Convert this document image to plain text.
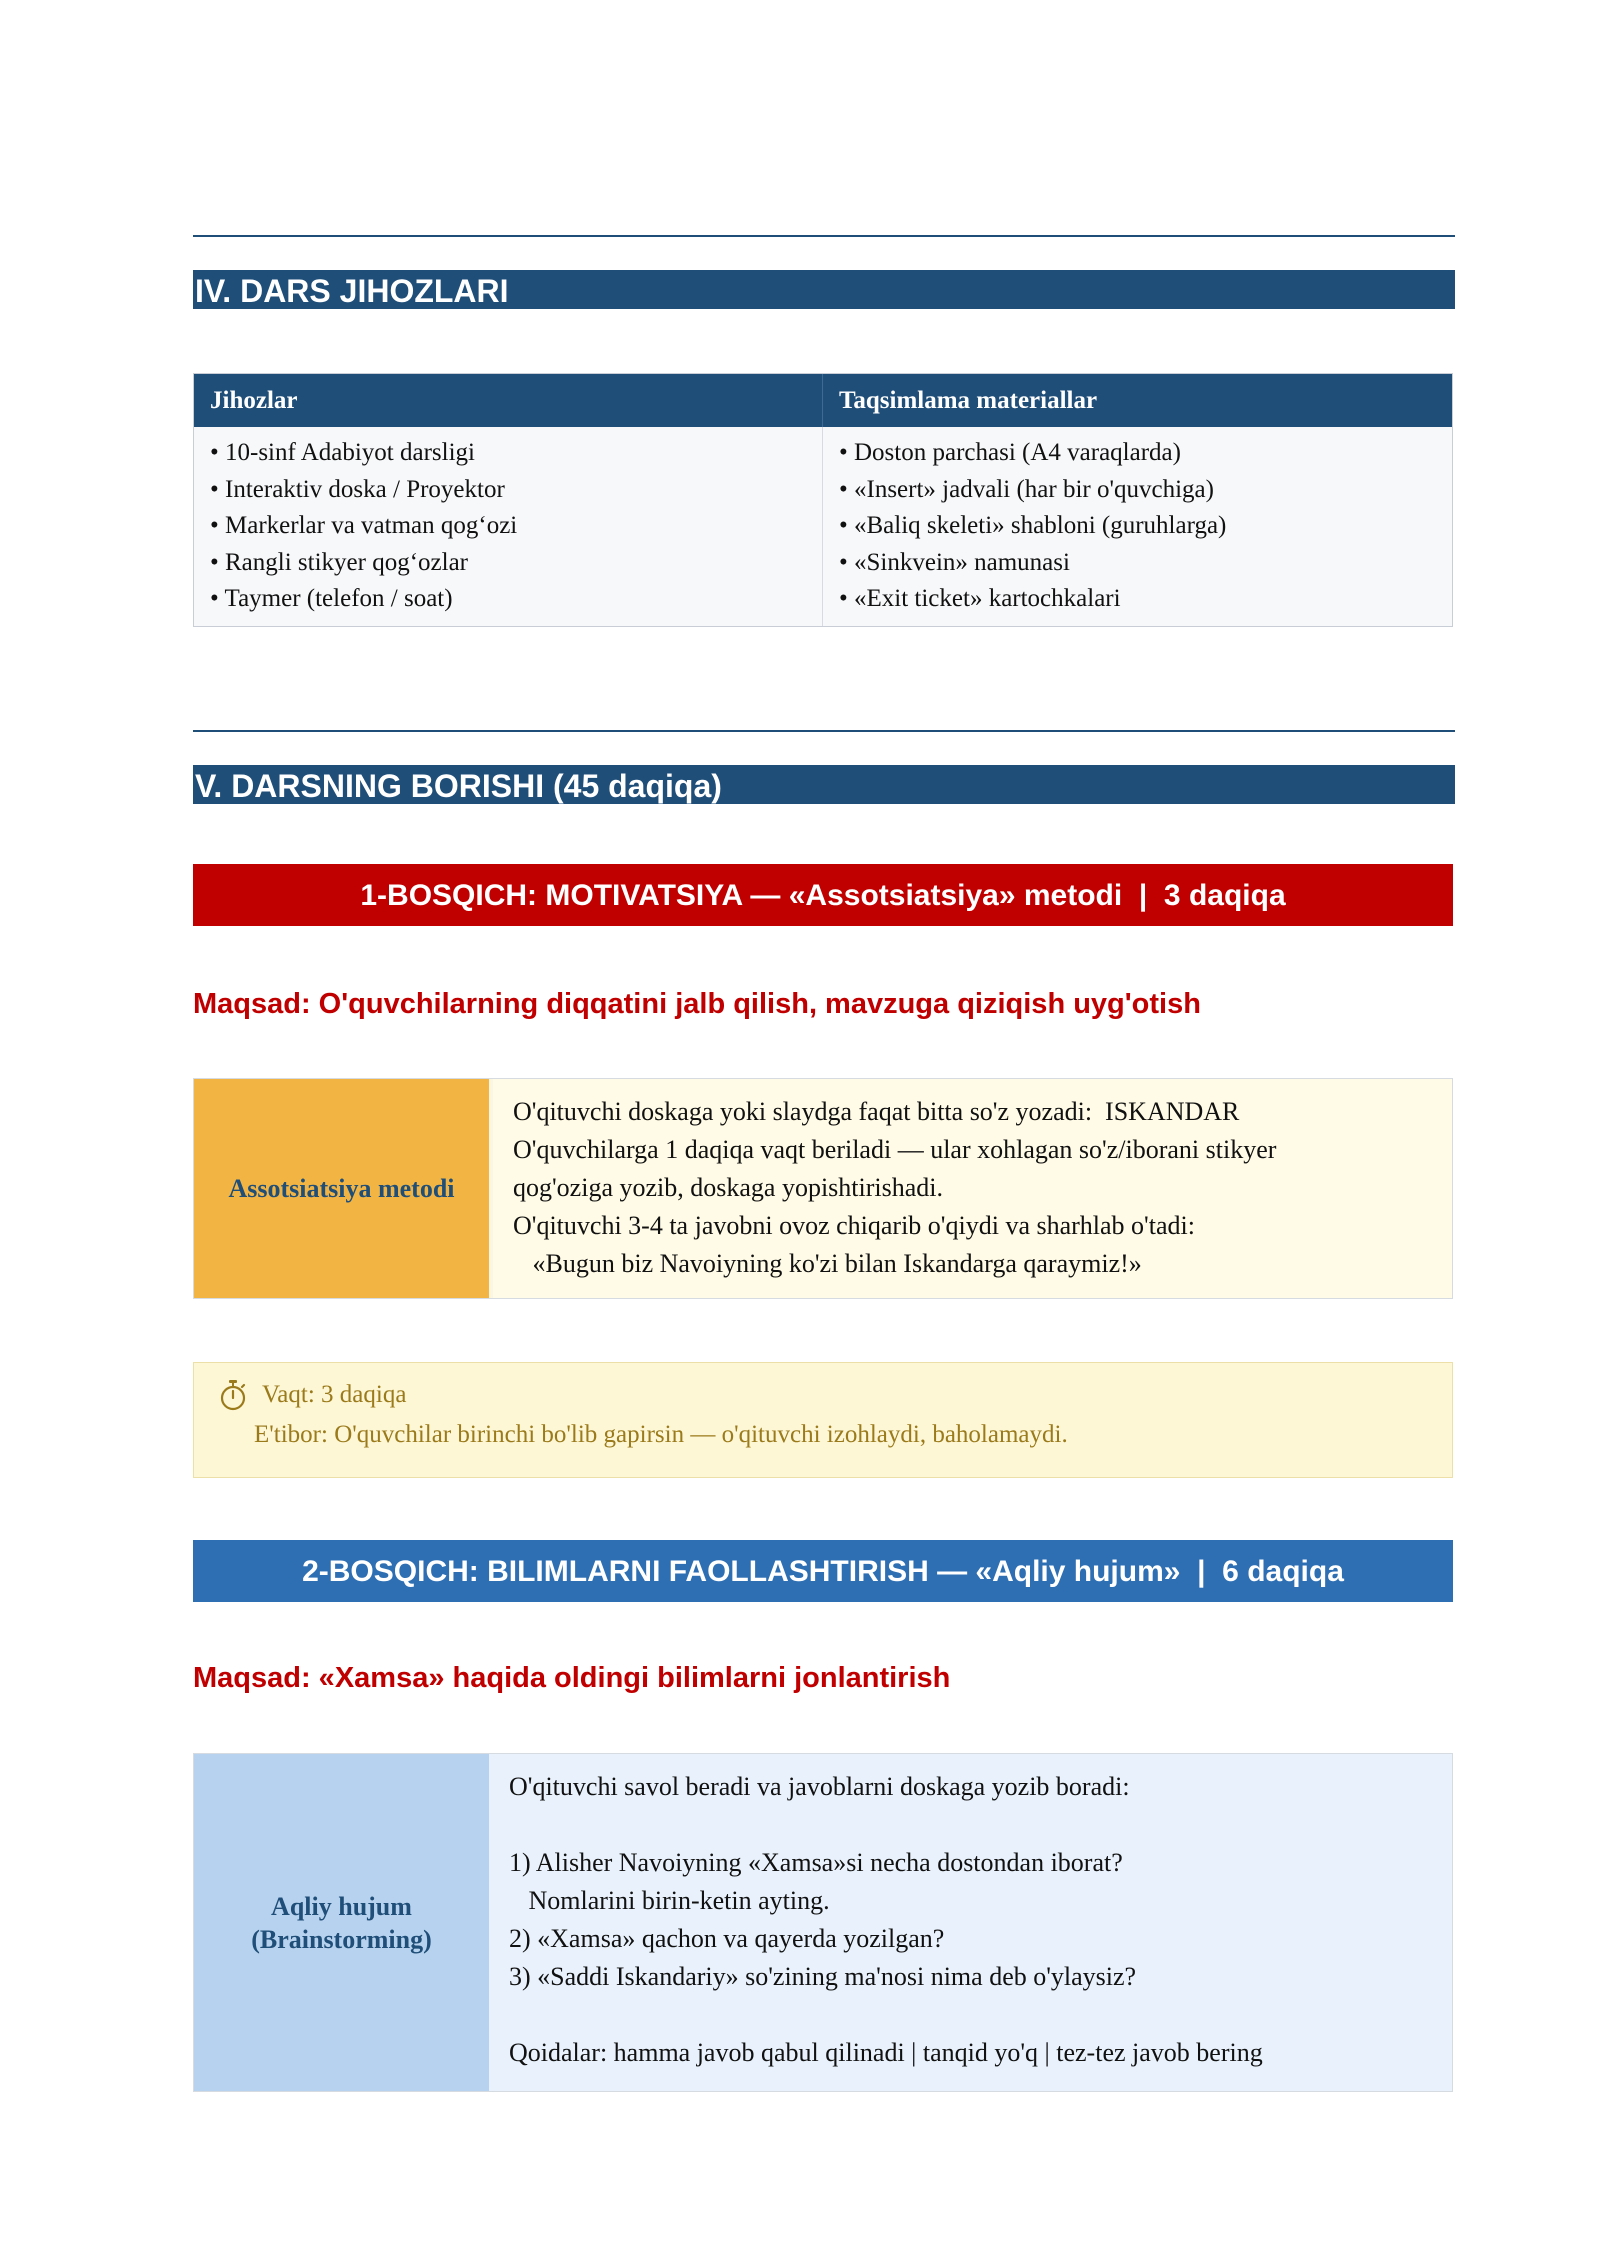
IV. DARS JIHOZLARI
Jihozlar	Taqsimlama materiallar
• 10-sinf Adabiyot darsligi
• Interaktiv doska / Proyektor
• Markerlar va vatman qog‘ozi
• Rangli stikyer qog‘ozlar
• Taymer (telefon / soat)
• Doston parchasi (A4 varaqlarda)
• «Insert» jadvali (har bir o'quvchiga)
• «Baliq skeleti» shabloni (guruhlarga)
• «Sinkvein» namunasi
• «Exit ticket» kartochkalari
V. DARSNING BORISHI (45 daqiqa)
1-BOSQICH: MOTIVATSIYA — «Assotsiatsiya» metodi  |  3 daqiqa
Maqsad: O'quvchilarning diqqatini jalb qilish, mavzuga qiziqish uyg'otish
Assotsiatsiya metodi
O'qituvchi doskaga yoki slaydga faqat bitta so'z yozadi:  ISKANDAR
O'quvchilarga 1 daqiqa vaqt beriladi — ular xohlagan so'z/iborani stikyer
qog'oziga yozib, doskaga yopishtirishadi.
O'qituvchi 3-4 ta javobni ovoz chiqarib o'qiydi va sharhlab o'tadi:
«Bugun biz Navoiyning ko'zi bilan Iskandarga qaraymiz!»
Vaqt: 3 daqiqa
E'tibor: O'quvchilar birinchi bo'lib gapirsin — o'qituvchi izohlaydi, baholamaydi.
2-BOSQICH: BILIMLARNI FAOLLASHTIRISH — «Aqliy hujum»  |  6 daqiqa
Maqsad: «Xamsa» haqida oldingi bilimlarni jonlantirish
Aqliy hujum
(Brainstorming)
O'qituvchi savol beradi va javoblarni doskaga yozib boradi:
1) Alisher Navoiyning «Xamsa»si necha dostondan iborat?
Nomlarini birin-ketin ayting.
2) «Xamsa» qachon va qayerda yozilgan?
3) «Saddi Iskandariy» so'zining ma'nosi nima deb o'ylaysiz?
Qoidalar: hamma javob qabul qilinadi | tanqid yo'q | tez-tez javob bering
